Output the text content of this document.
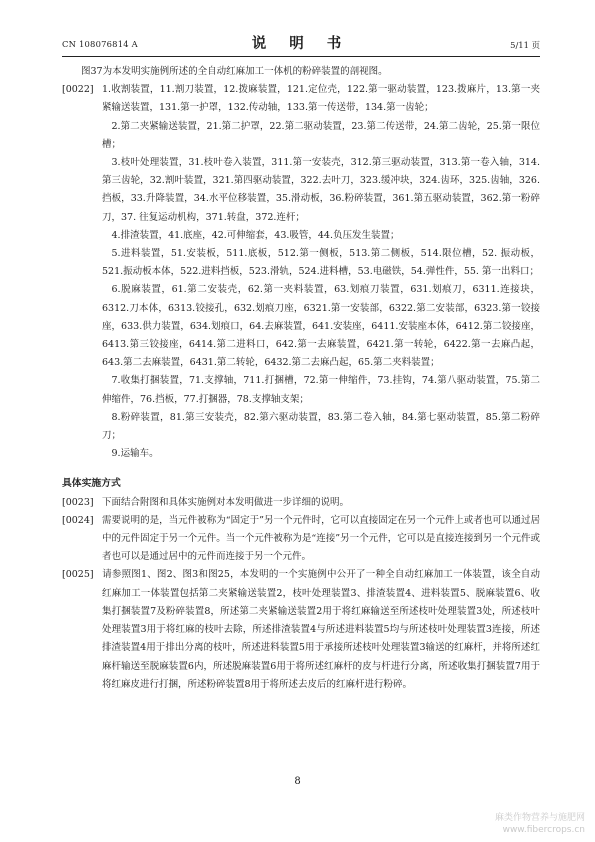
CN 108076814 A	说 明 书	5/11 页

图37为本发明实施例所述的全自动红麻加工一体机的粉碎装置的剖视图。

[0022] 1.收割装置，11.割刀装置，12.拨麻装置，121.定位壳，122.第一驱动装置，123.拨麻片，13.第一夹紧输送装置，131.第一护罩，132.传动轴，133.第一传送带，134.第一齿轮；

2.第二夹紧输送装置，21.第二护罩，22.第二驱动装置，23.第二传送带，24.第二齿轮，25.第一限位槽；

3.枝叶处理装置，31.枝叶卷入装置，311.第一安装壳，312.第三驱动装置，313.第一卷入轴，314.第三齿轮，32.割叶装置，321.第四驱动装置，322.去叶刀，323.缓冲块，324.齿环，325.齿轴，326. 挡板，33.升降装置，34.水平位移装置，35.滑动板，36.粉碎装置，361.第五驱动装置，362.第一粉碎刀，37. 往复运动机构，371.转盘，372.连杆；

4.排渣装置，41.底座，42.可伸缩套，43.吸管，44.负压发生装置；

5.进料装置，51.安装板，511.底板，512.第一侧板，513.第二侧板，514.限位槽，52. 振动板，521.振动板本体，522.进料挡板，523.滑轨，524.进料槽，53.电磁铁，54.弹性件，55. 第一出料口；

6.脱麻装置，61.第二安装壳，62.第一夹料装置，63.划痕刀装置，631.划痕刀，6311.连接块，6312.刀本体，6313.铰接孔，632.划痕刀座，6321.第一安装部，6322.第二安装部，6323.第一铰接座，633.供力装置，634.划痕口，64.去麻装置，641.安装座，6411.安装座本体，6412.第二铰接座，6413.第三铰接座，6414.第二进料口，642.第一去麻装置，6421.第一转轮，6422.第一去麻凸起，643.第二去麻装置，6431.第二转轮，6432.第二去麻凸起，65.第二夹料装置；

7.收集打捆装置，71.支撑轴，711.打捆槽，72.第一伸缩件，73.挂钩，74.第八驱动装置，75.第二伸缩件，76.挡板，77.打捆器，78.支撑轴支架；

8.粉碎装置，81.第三安装壳，82.第六驱动装置，83.第二卷入轴，84.第七驱动装置，85.第二粉碎刀；

9.运输车。

具体实施方式

[0023] 下面结合附图和具体实施例对本发明做进一步详细的说明。

[0024] 需要说明的是，当元件被称为“固定于”另一个元件时，它可以直接固定在另一个元件上或者也可以通过居中的元件固定于另一个元件。当一个元件被称为是“连接”另一个元件，它可以是直接连接到另一个元件或者也可以是通过居中的元件而连接于另一个元件。

[0025] 请参照图1、图2、图3和图25，本发明的一个实施例中公开了一种全自动红麻加工一体装置，该全自动红麻加工一体装置包括第二夹紧输送装置2，枝叶处理装置3、排渣装置4、进料装置5、脱麻装置6、收集打捆装置7及粉碎装置8，所述第二夹紧输送装置2用于将红麻输送至所述枝叶处理装置3处，所述枝叶处理装置3用于将红麻的枝叶去除，所述排渣装置4与所述进料装置5均与所述枝叶处理装置3连接，所述排渣装置4用于排出分离的枝叶，所述进料装置5用于承接所述枝叶处理装置3输送的红麻杆，并将所述红麻杆输送至脱麻装置6内，所述脱麻装置6用于将所述红麻杆的皮与杆进行分离，所述收集打捆装置7用于将红麻皮进行打捆，所述粉碎装置8用于将所述去皮后的红麻杆进行粉碎。

8
麻类作物营养与施肥网
www.fibercrops.cn
